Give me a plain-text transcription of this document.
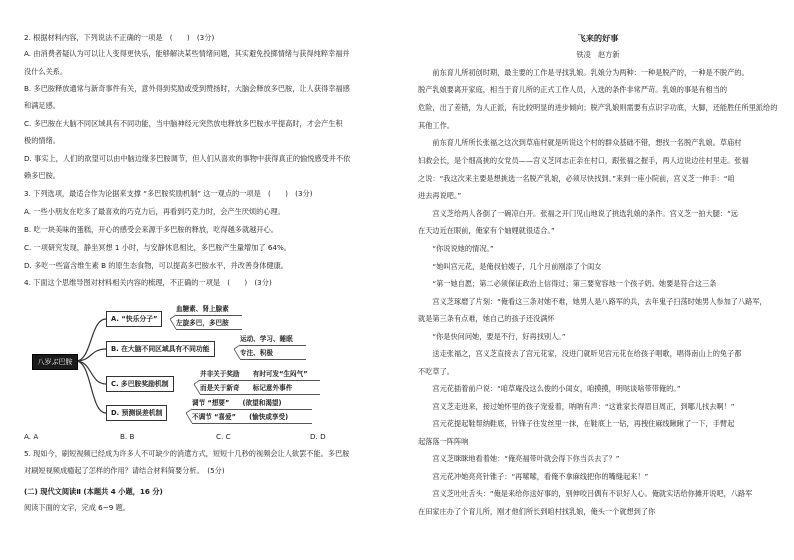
2. 根据材料内容，下列说法不正确的一项是　(　　)　(3分)
A. 由消费者疑认为可以让人变得更快乐，能够解决某些情绪问题，其实避免投掷情绪与获得纯粹幸福并
没什么关系。
B. 多巴胺释放通常与新奇事件有关，意外得到奖励或受到赞扬时，大脑会释放多巴胺，让人获得幸福感
和满足感。
C. 多巴胺在大脑不同区域具有不同功能，当中脑神经元突然放电释放多巴胺水平提高时，才会产生积
极的情绪。
D. 事实上，人们的欲望可以由中脑边缘多巴胺调节，但人们从喜欢的事物中获得真正的愉悦感受并不依
赖多巴胺。
3. 下列选项，最适合作为论据来支撑 “多巴胺奖励机制” 这一观点的一项是　(　　)　(3分)
A. 一些小朋友在吃多了最喜欢的巧克力后，再看到巧克力时，会产生厌烦的心理。
B. 吃一块美味的蛋糕，开心的感受会来源于多巴胺的释放，吃得越多就越开心。
C. 一项研究发现，静坐冥想 1 小时，与安静休息相比，多巴胺产生量增加了 64%。
D. 多吃一些富含维生素 B 的原生态食物，可以提高多巴胺水平，并改善身体健康。
4. 下面这个思维导图对材料相关内容的梳理，不正确的一项是　(　　)　(3分)
A. A	B. B	C. C	D. D
5. 现如今，刷短视频已经成为许多人不可缺少的消遣方式，短短十几秒的视频会让人欲罢不能。多巴胺
对刷短视频成瘾起了怎样的作用？请结合材料简要分析。　(5分)
(二) 现代文阅读Ⅱ (本题共 4 小题，16 分)
阅读下面的文字，完成 6~9 题。
八岁ぶ巴胺
A. “快乐分子”
血糖素、肾上腺素
左旋多巴，多巴胺
B. 在大脑不同区域具有不同功能
运动、学习、睡眠
专注、积极
C. 多巴胺奖励机制
并非关于奖励　　有时可发“生闷气”
而是关于新奇　　标记意外事件
D. 预测误差机制
调节 “想要”　　(欲望和渴望)
不调节 “喜爱”　　(愉快或享受)
飞来的好事
铁凌　赵方新
　　前东育儿所初创时期，最主要的工作是寻找乳娘。乳娘分为两种：一种是脱产的，一种是不脱产的。
脱产乳娘要离开家庭，相当于育儿所的正式工作人员，入选的条件非常严苛。乳娘的事是有相当的
危险，出了差错，为人正派，有比较明显的进步倾向；脱产乳娘则需要有点识字功底，大脚，还能胜任所里派给的
其他工作。
　　前东育儿所所长张福之这次到草庙村就是听说这个村的群众基础不错，想找一名脱产乳娘。草庙村
妇救会长，是个细高挑的女党员——宫义芝同志正亲在村口，跟张福之握手，两人边说边往村里走。张福
之说：“我这次来主要是想挑选一名脱产乳娘，必须尽快找到。”来到一座小院前，宫义芝一伸手：“咱
进去再说吧。”
　　宫义芝给两人各倒了一碗凉白开。张福之开门见山地说了挑选乳娘的条件。宫义芝一拍大腿：“远
在天边近在眼前，俺家有个妯娌就很适合。”
　　“你说说她的情况。”
　　“她叫宫元花，是俺叔伯嫂子，几个月前刚添了个闺女
　　“第一她自愿；第二必须保证政治上信得过；第三要宽容地一个孩子奶。她要是符合这三条
　　宫义芝琢磨了片刻：“俺看这三条对她不难，她男人是八路军的兵，去年鬼子扫荡时她男人参加了八路军，
就是第三条有点难，她自己的孩子还没满怀
　　“你是快问问她，要是不行，好再找别人。”
　　送走张福之，宫义芝直接去了宫元花家，没进门就听见宫元花在给孩子唱歌，唱得南山上的兔子都
不吃草了。
　　宫元花插着前户说：“咱草庵没这么俊的小闺女，咱摸摸，明哒谈啥带带俺的。”
　　宫义芝走进来，接过她怀里的孩子宠爱着，呐呐有声：“这谁家长得眉目周正，到哪儿找去啊！”
　　宫元花提起鞋帮纳鞋底，针锋子往发丝里一抹，在鞋底上一钻，再拽住麻线瞅瞅了一下，手臂起
起落落一阵阵响
　　宫义芝眯眯地看着她：“俺亮福带叶就会得下你当兵去了？”
　　宫元花冲她亮亮针锥子：“再嗦嗦，看俺不拿麻线把你的嘴缝起来！”
　　宫义芝吐吐舌头：“俺是来给你送好事的，别伸咬吕偶有不识好人心。俺就实话给你摊开说吧，八路军
在田家庄办了个育儿所，刚才他们所长到咱村找乳娘，俺头一个就想到了你
